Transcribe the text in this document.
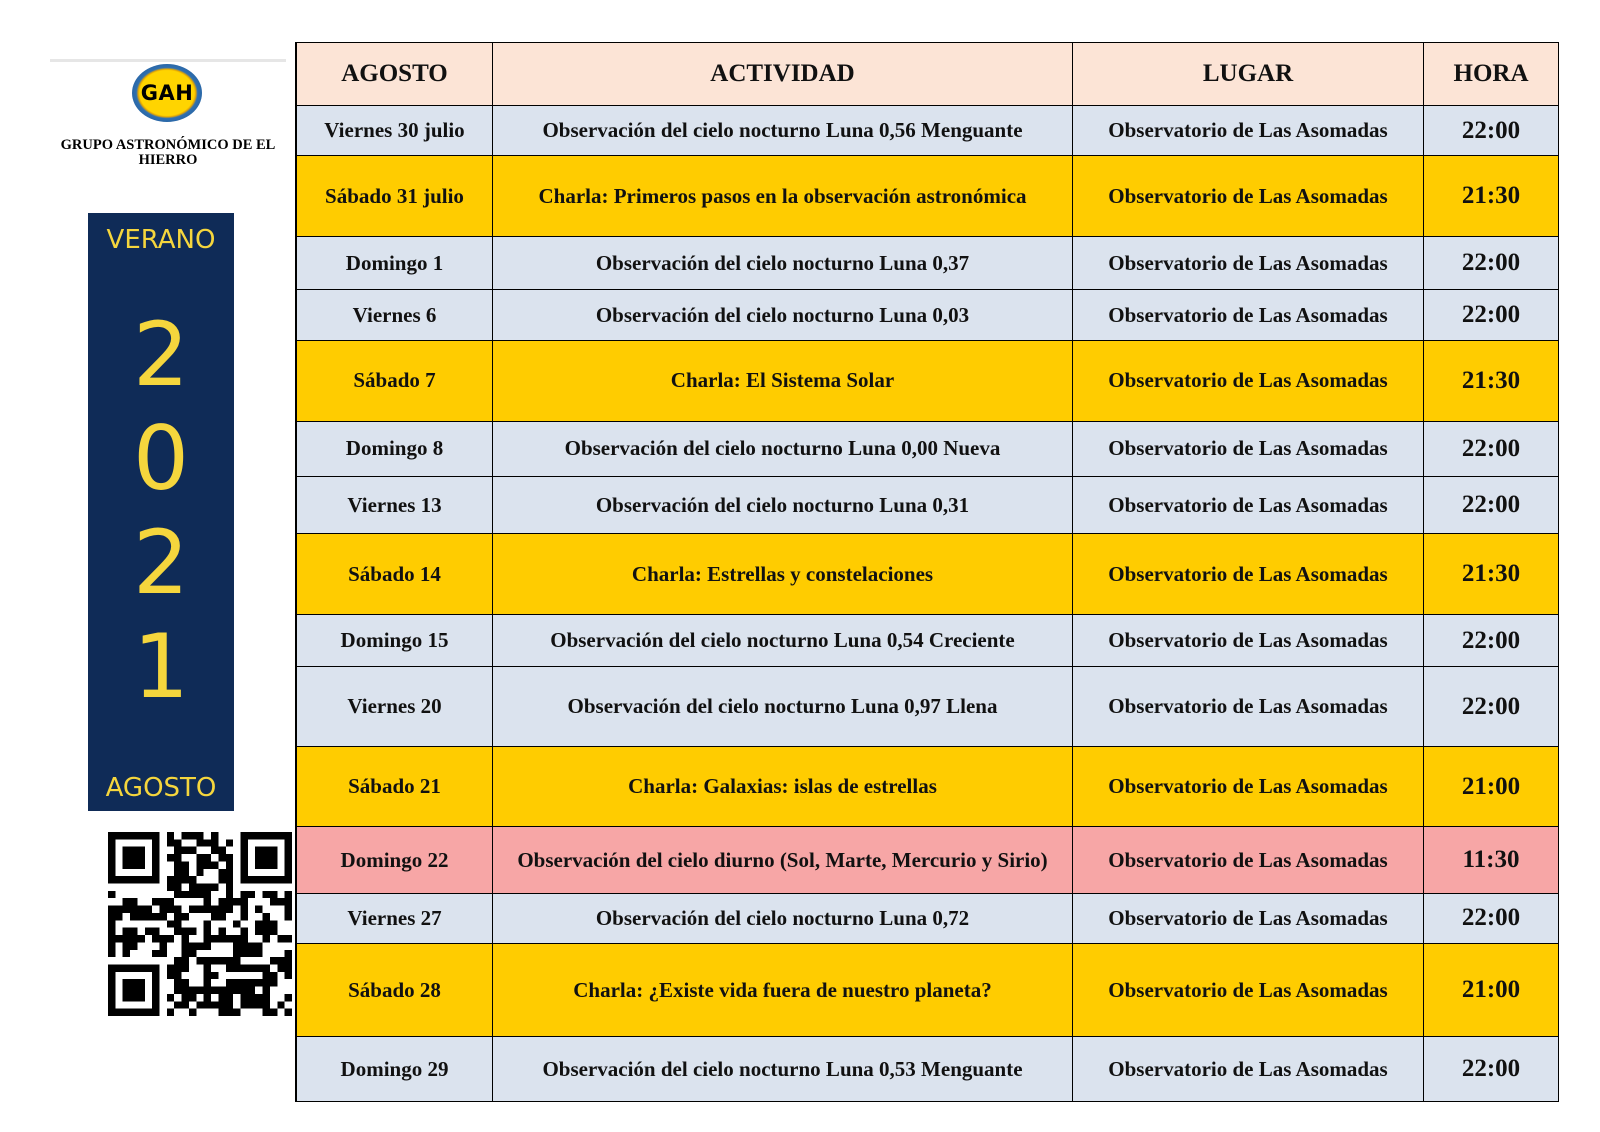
GAH
GRUPO ASTRONÓMICO DE EL HIERRO
VERANO
2
0
2
1
AGOSTO
AGOSTO	ACTIVIDAD	LUGAR	HORA
Viernes 30 julio	Observación del cielo nocturno Luna 0,56 Menguante	Observatorio de Las Asomadas	22:00
Sábado 31 julio	Charla: Primeros pasos en la observación astronómica	Observatorio de Las Asomadas	21:30
Domingo 1	Observación del cielo nocturno Luna 0,37	Observatorio de Las Asomadas	22:00
Viernes 6	Observación del cielo nocturno Luna 0,03	Observatorio de Las Asomadas	22:00
Sábado 7	Charla: El Sistema Solar	Observatorio de Las Asomadas	21:30
Domingo 8	Observación del cielo nocturno Luna 0,00 Nueva	Observatorio de Las Asomadas	22:00
Viernes 13	Observación del cielo nocturno Luna 0,31	Observatorio de Las Asomadas	22:00
Sábado 14	Charla: Estrellas y constelaciones	Observatorio de Las Asomadas	21:30
Domingo 15	Observación del cielo nocturno Luna 0,54 Creciente	Observatorio de Las Asomadas	22:00
Viernes 20	Observación del cielo nocturno Luna 0,97 Llena	Observatorio de Las Asomadas	22:00
Sábado 21	Charla: Galaxias: islas de estrellas	Observatorio de Las Asomadas	21:00
Domingo 22	Observación del cielo diurno (Sol, Marte, Mercurio y Sirio)	Observatorio de Las Asomadas	11:30
Viernes 27	Observación del cielo nocturno Luna 0,72	Observatorio de Las Asomadas	22:00
Sábado 28	Charla: ¿Existe vida fuera de nuestro planeta?	Observatorio de Las Asomadas	21:00
Domingo 29	Observación del cielo nocturno Luna 0,53 Menguante	Observatorio de Las Asomadas	22:00
